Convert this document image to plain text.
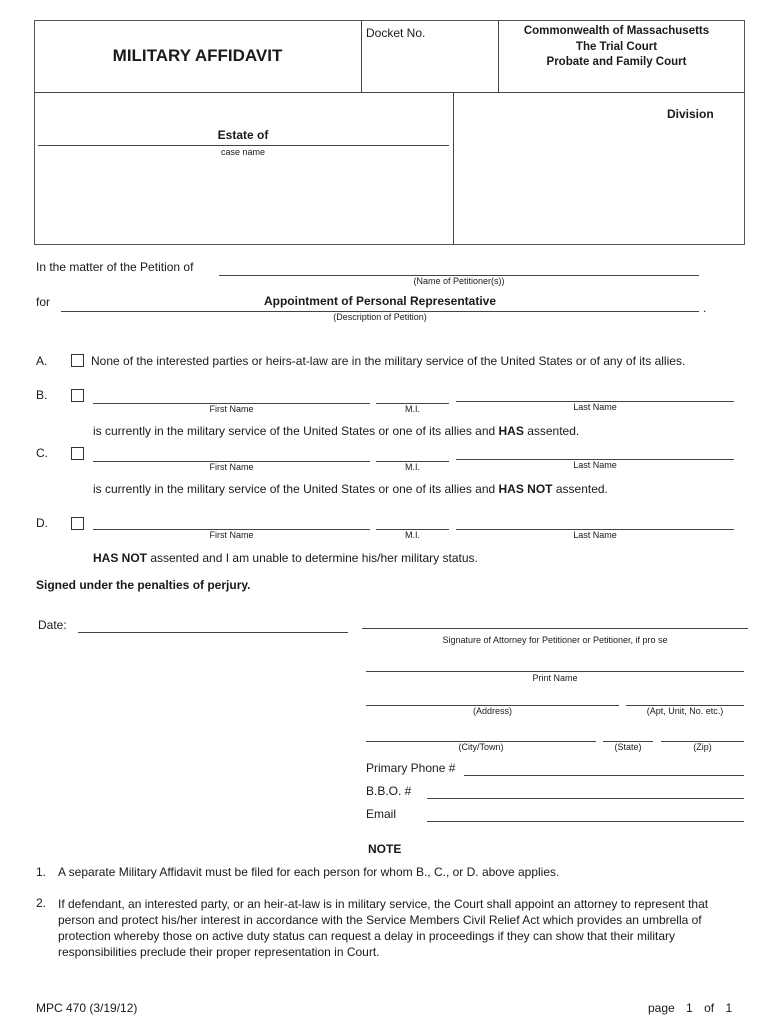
MILITARY AFFIDAVIT
Docket No.	Commonwealth of Massachusetts
The Trial Court
Probate and Family Court
Division
Estate of
case name
In the matter of the Petition of
(Name of Petitioner(s))
for	Appointment of Personal Representative	.
(Description of Petition)
A.	None of the interested parties or heirs-at-law are in the military service of the United States or of any of its allies.
B.
First Name	M.I.	Last Name
is currently in the military service of the United States or one of its allies and HAS assented.
C.
First Name	M.I.	Last Name
is currently in the military service of the United States or one of its allies and HAS NOT assented.
D.
First Name	M.I.	Last Name
HAS NOT assented and I am unable to determine his/her military status.
Signed under the penalties of perjury.
Date:
Signature of Attorney for Petitioner or Petitioner, if pro se
Print Name
(Address)	(Apt, Unit, No. etc.)
(City/Town)	(State)	(Zip)
Primary Phone #
B.B.O. #
Email
NOTE
1. A separate Military Affidavit must be filed for each person for whom B., C., or D. above applies.
2. If defendant, an interested party, or an heir-at-law is in military service, the Court shall appoint an attorney to represent that
person and protect his/her interest in accordance with the Service Members Civil Relief Act which provides an umbrella of
protection whereby those on active duty status can request a delay in proceedings if they can show that their military
responsibilities preclude their proper representation in Court.
MPC 470 (3/19/12)	page 1 of 1
